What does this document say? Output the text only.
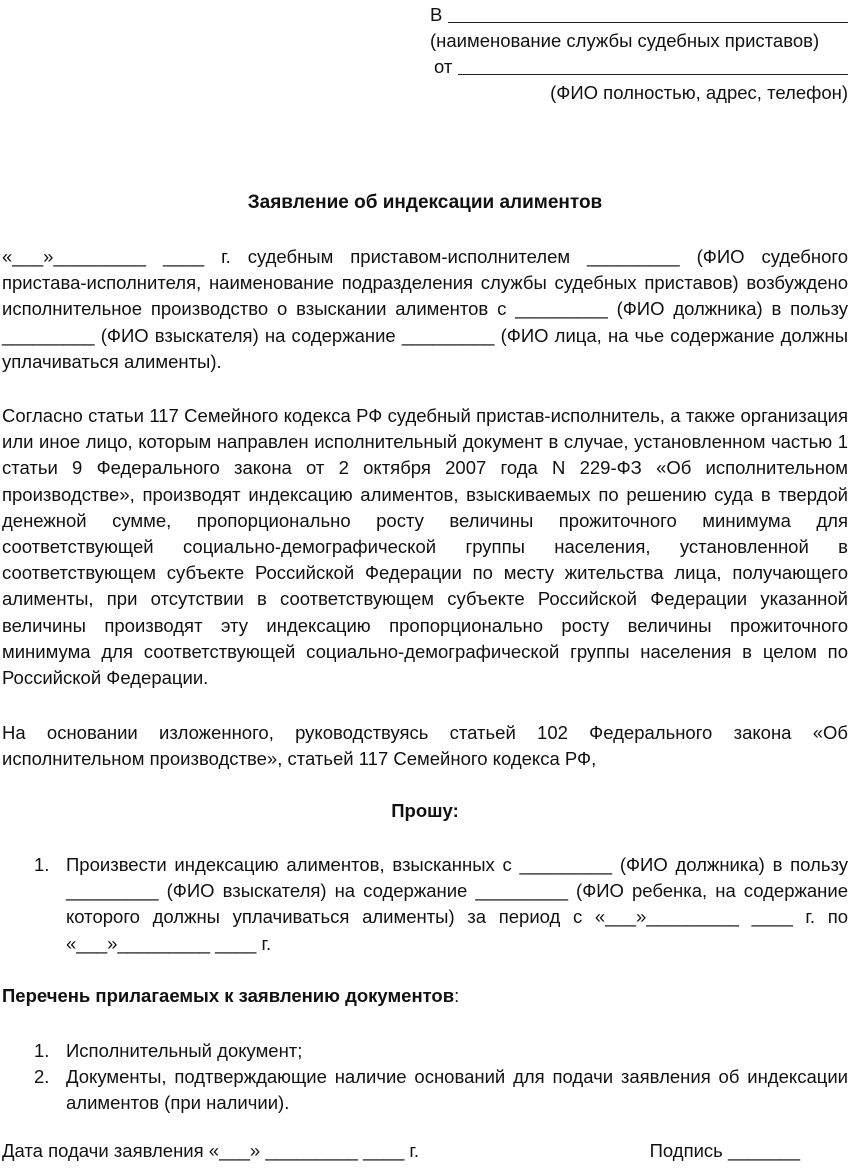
В
(наименование службы судебных приставов)
от
(ФИО полностью, адрес, телефон)
Заявление об индексации алиментов

«___»_________ ____ г. судебным приставом-исполнителем _________ (ФИО судебного пристава-исполнителя, наименование подразделения службы судебных приставов) возбуждено исполнительное производство о взыскании алиментов с _________ (ФИО должника) в пользу _________ (ФИО взыскателя) на содержание _________ (ФИО лица, на чье содержание должны уплачиваться алименты).

Согласно статьи 117 Семейного кодекса РФ судебный пристав-исполнитель, а также организация или иное лицо, которым направлен исполнительный документ в случае, установленном частью 1 статьи 9 Федерального закона от 2 октября 2007 года N 229-ФЗ «Об исполнительном производстве», производят индексацию алиментов, взыскиваемых по решению суда в твердой денежной сумме, пропорционально росту величины прожиточного минимума для соответствующей социально-демографической группы населения, установленной в соответствующем субъекте Российской Федерации по месту жительства лица, получающего алименты, при отсутствии в соответствующем субъекте Российской Федерации указанной величины производят эту индексацию пропорционально росту величины прожиточного минимума для соответствующей социально-демографической группы населения в целом по Российской Федерации.

На основании изложенного, руководствуясь статьей 102 Федерального закона «Об исполнительном производстве», статьей 117 Семейного кодекса РФ,

Прошу:
1. Произвести индексацию алиментов, взысканных с _________ (ФИО должника) в пользу _________ (ФИО взыскателя) на содержание _________ (ФИО ребенка, на содержание которого должны уплачиваться алименты) за период с «___»_________ ____ г. по «___»_________ ____ г.
Перечень прилагаемых к заявлению документов:
1. Исполнительный документ;
2. Документы, подтверждающие наличие оснований для подачи заявления об индексации алиментов (при наличии).
Дата подачи заявления «___» _________ ____ г.	Подпись _______
